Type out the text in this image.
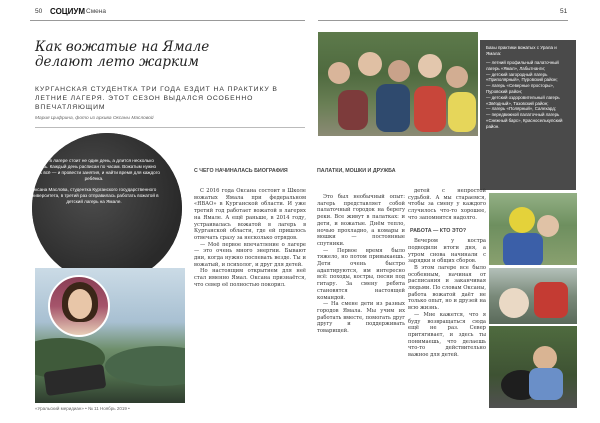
50 СОЦИУМ Смена	51
Как вожатые на Ямале
делают лето жарким
КУРГАНСКАЯ СТУДЕНТКА ТРИ ГОДА ЕЗДИТ НА ПРАКТИКУ В ЛЕТНИЕ ЛАГЕРЯ. ЭТОТ СЕЗОН ВЫДАЛСЯ ОСОБЕННО ВПЕЧАТЛЯЮЩИМ
Мария Цыфрина, фото из архива Оксаны Масловой
Базы практики вожатых с Урала и Ямала:
— летний профильный палаточный лагерь «Ямал», Лабытнанги;
— детский загородный лагерь «Приполярный», Пуровский район;
— лагерь «Северные просторы», Пуровский район;
— детский оздоровительный лагерь «Звёздный», Тазовский район;
— лагерь «Полярный», Салехард;
— передвижной палаточный лагерь «Снежный барс», Красноселькупский район.

Смена в лагере стоит не один день, а длится несколько недель. Каждый день расписан по часам. Вожатым нужно успеть всё — и провести занятия, и найти время для каждого ребёнка.

Оксана Маслова, студентка Курганского государственного университета, в третий раз отправилась работать вожатой в детский лагерь на Ямале.

С ЧЕГО НАЧИНАЛАСЬ БИОГРАФИЯ	ПАЛАТКИ, МОШКИ И ДРУЖБА

С 2016 года Оксана состоит в Школе вожатых Ямала при федеральном «ЯВАО» в Курганской области. И уже третий год работает вожатой в лагерях на Ямале. А ещё раньше, в 2014 году, устраивалась вожатой в лагерь в Курганской области, где ей пришлось отвечать сразу за несколько отрядов.

— Моё первое впечатление о лагере — это очень много энергии. Бывают дни, когда нужно поспевать везде. Ты и вожатый, и психолог, и друг для детей.

Но настоящим открытием для неё стал именно Ямал. Оксана признаётся, что север её полностью покорил.

Это был необычный опыт: лагерь представляет собой палаточный городок на берегу реки. Все живут в палатках: и дети, и вожатые. Днём тепло, ночью прохладно, а комары и мошки — постоянные спутники.

— Первое время было тяжело, но потом привыкаешь. Дети очень быстро адаптируются, им интересно всё: походы, костры, песни под гитару. За смену ребята становятся настоящей командой.

— На смене дети из разных городов Ямала. Мы учим их работать вместе, помогать друг другу и поддерживать товарищей.

детей с непростой судьбой. А мы стараемся, чтобы за смену у каждого случилось что-то хорошее, что запомнится надолго.

РАБОТА — КТО ЭТО?

Вечером у костра подводили итоги дня, а утром снова начинали с зарядки и общих сборов.

В этом лагере все было особенным, начиная от расписания и заканчивая людьми. По словам Оксаны, работа вожатой даёт не только опыт, но и друзей на всю жизнь.

— Мне кажется, что я буду возвращаться сюда ещё не раз. Север притягивает, и здесь ты понимаешь, что делаешь что-то действительно важное для детей.

«Уральский меридиан» • № 11 Ноябрь 2019 •
